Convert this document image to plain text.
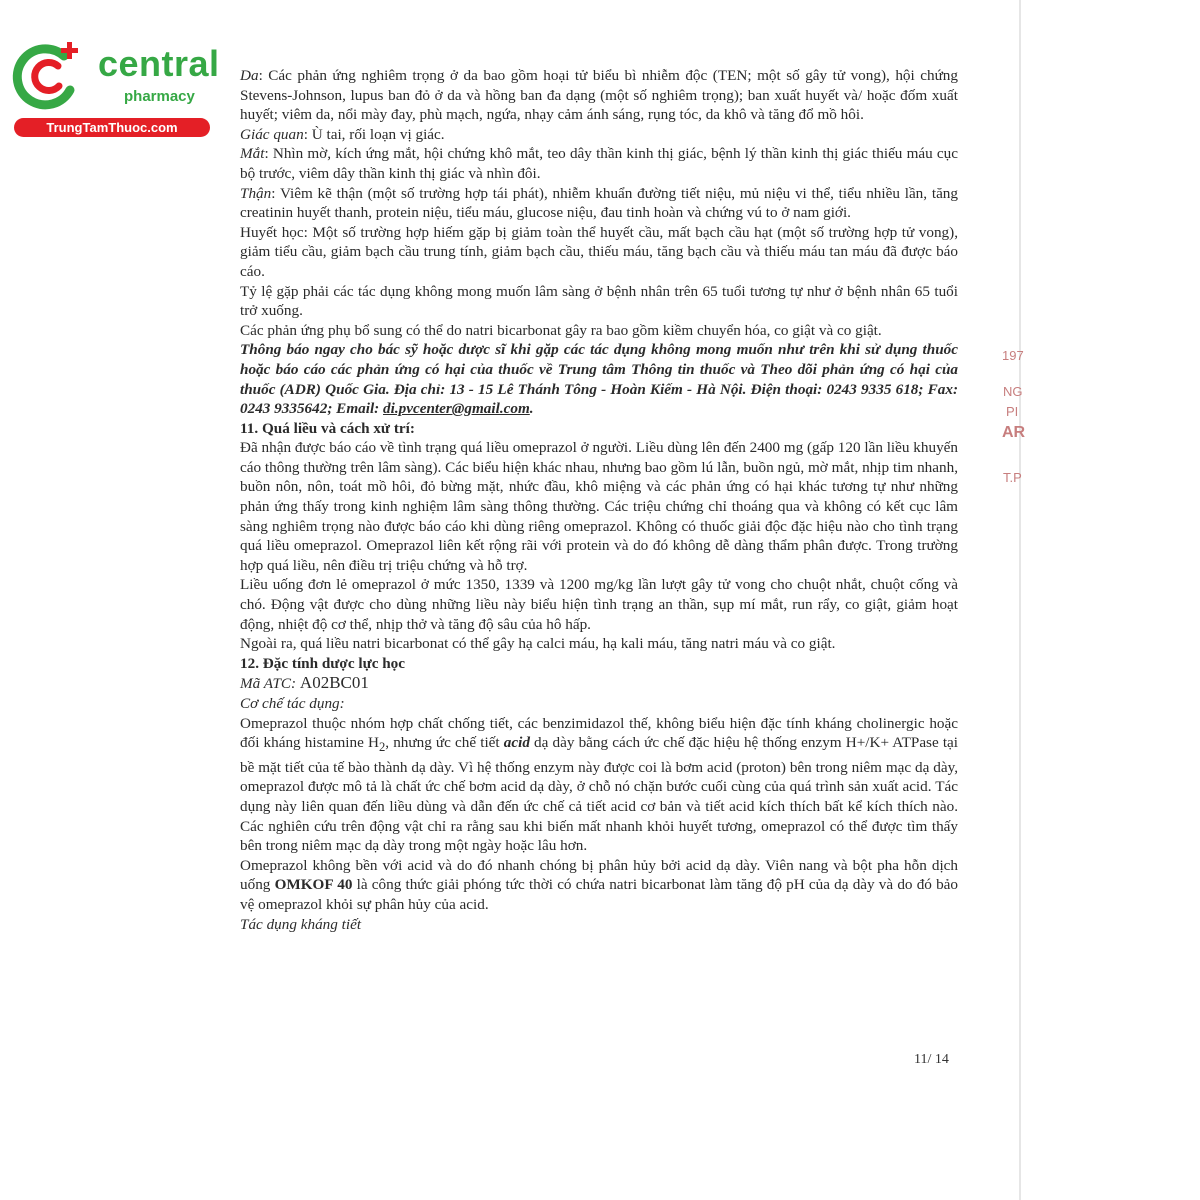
central
pharmacy
TrungTamThuoc.com
197
NG
PI
AR
T.P

Da: Các phản ứng nghiêm trọng ở da bao gồm hoại tử biểu bì nhiễm độc (TEN; một số gây tử vong), hội chứng Stevens-Johnson, lupus ban đỏ ở da và hồng ban đa dạng (một số nghiêm trọng); ban xuất huyết và/ hoặc đốm xuất huyết; viêm da, nổi mày đay, phù mạch, ngứa, nhạy cảm ánh sáng, rụng tóc, da khô và tăng đổ mồ hôi.

Giác quan: Ù tai, rối loạn vị giác.

Mắt: Nhìn mờ, kích ứng mắt, hội chứng khô mắt, teo dây thần kinh thị giác, bệnh lý thần kinh thị giác thiếu máu cục bộ trước, viêm dây thần kinh thị giác và nhìn đôi.

Thận: Viêm kẽ thận (một số trường hợp tái phát), nhiễm khuẩn đường tiết niệu, mủ niệu vi thể, tiểu nhiều lần, tăng creatinin huyết thanh, protein niệu, tiểu máu, glucose niệu, đau tinh hoàn và chứng vú to ở nam giới.

Huyết học: Một số trường hợp hiếm gặp bị giảm toàn thể huyết cầu, mất bạch cầu hạt (một số trường hợp tử vong), giảm tiểu cầu, giảm bạch cầu trung tính, giảm bạch cầu, thiếu máu, tăng bạch cầu và thiếu máu tan máu đã được báo cáo.

Tỷ lệ gặp phải các tác dụng không mong muốn lâm sàng ở bệnh nhân trên 65 tuổi tương tự như ở bệnh nhân 65 tuổi trở xuống.

Các phản ứng phụ bổ sung có thể do natri bicarbonat gây ra bao gồm kiềm chuyển hóa, co giật và co giật.

Thông báo ngay cho bác sỹ hoặc dược sĩ khi gặp các tác dụng không mong muốn như trên khi sử dụng thuốc hoặc báo cáo các phản ứng có hại của thuốc về Trung tâm Thông tin thuốc và Theo dõi phản ứng có hại của thuốc (ADR) Quốc Gia. Địa chỉ: 13 - 15 Lê Thánh Tông - Hoàn Kiếm - Hà Nội. Điện thoại: 0243 9335 618; Fax: 0243 9335642; Email: di.pvcenter@gmail.com.

11. Quá liều và cách xử trí:

Đã nhận được báo cáo về tình trạng quá liều omeprazol ở người. Liều dùng lên đến 2400 mg (gấp 120 lần liều khuyến cáo thông thường trên lâm sàng). Các biểu hiện khác nhau, nhưng bao gồm lú lẫn, buồn ngủ, mờ mắt, nhịp tim nhanh, buồn nôn, nôn, toát mồ hôi, đỏ bừng mặt, nhức đầu, khô miệng và các phản ứng có hại khác tương tự như những phản ứng thấy trong kinh nghiệm lâm sàng thông thường. Các triệu chứng chỉ thoáng qua và không có kết cục lâm sàng nghiêm trọng nào được báo cáo khi dùng riêng omeprazol. Không có thuốc giải độc đặc hiệu nào cho tình trạng quá liều omeprazol. Omeprazol liên kết rộng rãi với protein và do đó không dễ dàng thẩm phân được. Trong trường hợp quá liều, nên điều trị triệu chứng và hỗ trợ.

Liều uống đơn lẻ omeprazol ở mức 1350, 1339 và 1200 mg/kg lần lượt gây tử vong cho chuột nhắt, chuột cống và chó. Động vật được cho dùng những liều này biểu hiện tình trạng an thần, sụp mí mắt, run rẩy, co giật, giảm hoạt động, nhiệt độ cơ thể, nhịp thở và tăng độ sâu của hô hấp.

Ngoài ra, quá liều natri bicarbonat có thể gây hạ calci máu, hạ kali máu, tăng natri máu và co giật.

12. Đặc tính dược lực học

Mã ATC: A02BC01

Cơ chế tác dụng:

Omeprazol thuộc nhóm hợp chất chống tiết, các benzimidazol thế, không biểu hiện đặc tính kháng cholinergic hoặc đối kháng histamine $H_2$, nhưng ức chế tiết acid dạ dày bằng cách ức chế đặc hiệu hệ thống enzym H+/K+ ATPase tại bề mặt tiết của tế bào thành dạ dày. Vì hệ thống enzym này được coi là bơm acid (proton) bên trong niêm mạc dạ dày, omeprazol được mô tả là chất ức chế bơm acid dạ dày, ở chỗ nó chặn bước cuối cùng của quá trình sản xuất acid. Tác dụng này liên quan đến liều dùng và dẫn đến ức chế cả tiết acid cơ bản và tiết acid kích thích bất kể kích thích nào. Các nghiên cứu trên động vật chỉ ra rằng sau khi biến mất nhanh khỏi huyết tương, omeprazol có thể được tìm thấy bên trong niêm mạc dạ dày trong một ngày hoặc lâu hơn.

Omeprazol không bền với acid và do đó nhanh chóng bị phân hủy bởi acid dạ dày. Viên nang và bột pha hỗn dịch uống OMKOF 40 là công thức giải phóng tức thời có chứa natri bicarbonat làm tăng độ pH của dạ dày và do đó bảo vệ omeprazol khỏi sự phân hủy của acid.

Tác dụng kháng tiết

11/ 14
